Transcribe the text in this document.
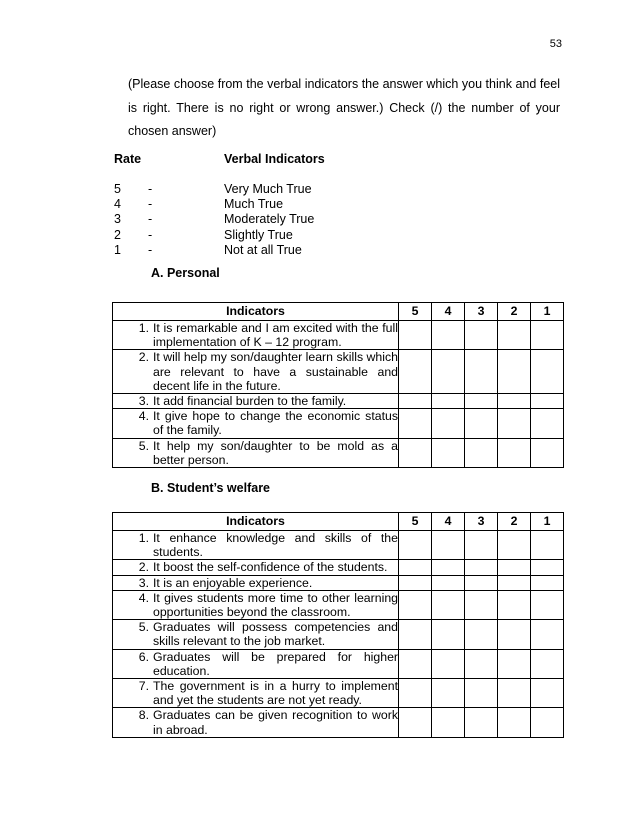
53

(Please choose from the verbal indicators the answer which you think and feel is right. There is no right or wrong answer.) Check (/) the number of your chosen answer)

Rate	Verbal Indicators
5 -	Very Much True
4 -	Much True
3 -	Moderately True
2 -	Slightly True
1 -	Not at all True
A. Personal
Indicators	5	4	3	2	1

1. It is remarkable and I am excited with the full implementation of K – 12 program.					

2. It will help my son/daughter learn skills which are relevant to have a sustainable and decent life in the future.					

3. It add financial burden to the family.					

4. It give hope to change the economic status of the family.					

5. It help my son/daughter to be mold as a better person.					

B. Student’s welfare
Indicators	5	4	3	2	1

1. It enhance knowledge and skills of the students.					

2. It boost the self-confidence of the students.					

3. It is an enjoyable experience.					

4. It gives students more time to other learning opportunities beyond the classroom.					

5. Graduates will possess competencies and skills relevant to the job market.					

6. Graduates will be prepared for higher education.					

7. The government is in a hurry to implement and yet the students are not yet ready.					

8. Graduates can be given recognition to work in abroad.					
